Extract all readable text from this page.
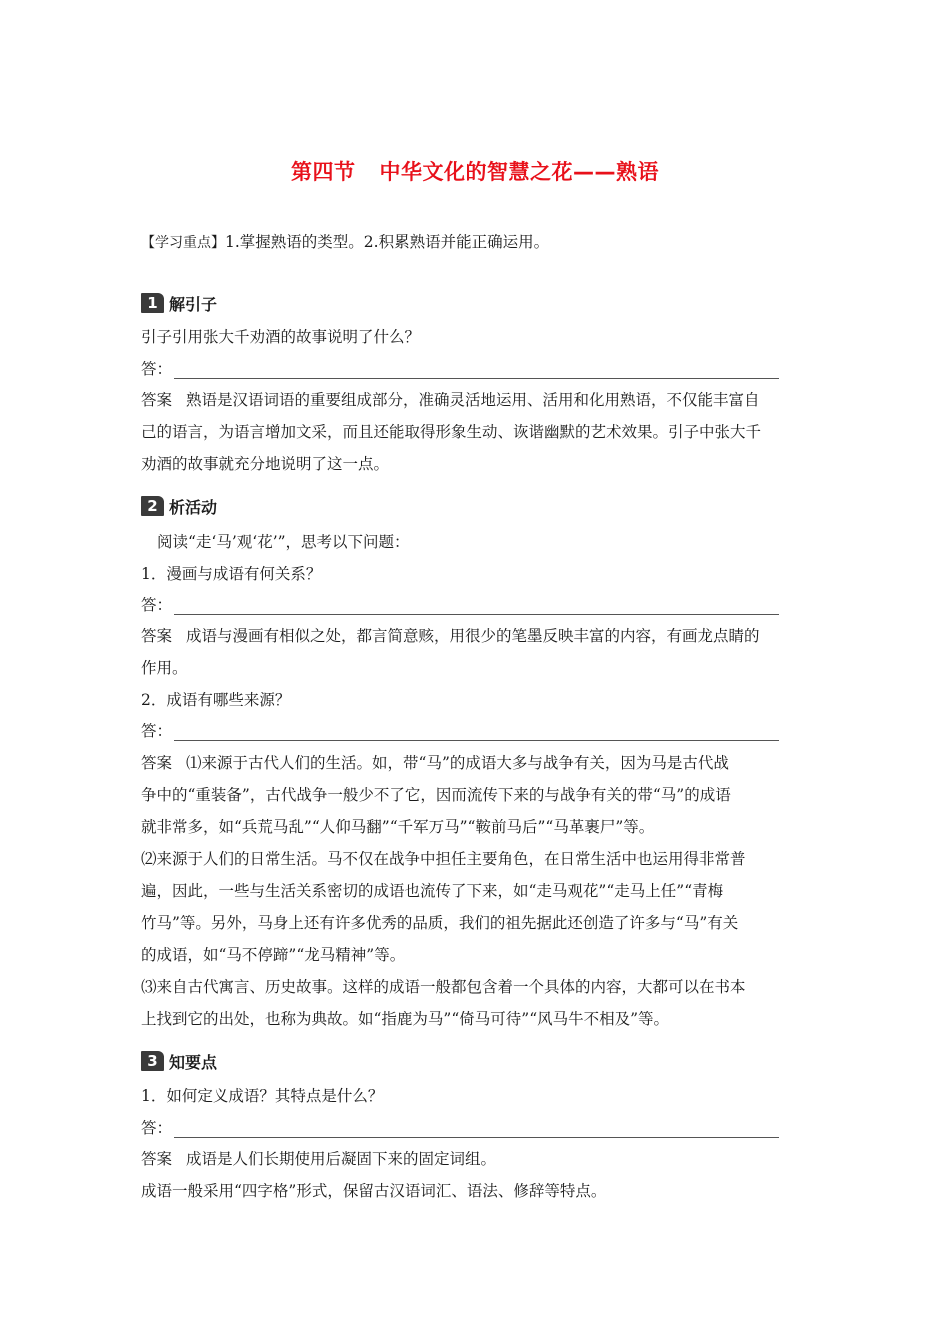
第四节 中华文化的智慧之花——熟语
【学习重点】1.掌握熟语的类型。2.积累熟语并能正确运用。
1 解引子
引子引用张大千劝酒的故事说明了什么？
答：
答案 熟语是汉语词语的重要组成部分，准确灵活地运用、活用和化用熟语，不仅能丰富自
己的语言，为语言增加文采，而且还能取得形象生动、诙谐幽默的艺术效果。引子中张大千
劝酒的故事就充分地说明了这一点。
2 析活动
阅读“走‘马’观‘花’”，思考以下问题：
1．漫画与成语有何关系？
答：
答案 成语与漫画有相似之处，都言简意赅，用很少的笔墨反映丰富的内容，有画龙点睛的
作用。
2．成语有哪些来源？
答：
答案 ⑴来源于古代人们的生活。如，带“马”的成语大多与战争有关，因为马是古代战
争中的“重装备”，古代战争一般少不了它，因而流传下来的与战争有关的带“马”的成语
就非常多，如“兵荒马乱”“人仰马翻”“千军万马”“鞍前马后”“马革裹尸”等。
⑵来源于人们的日常生活。马不仅在战争中担任主要角色，在日常生活中也运用得非常普
遍，因此，一些与生活关系密切的成语也流传了下来，如“走马观花”“走马上任”“青梅
竹马”等。另外，马身上还有许多优秀的品质，我们的祖先据此还创造了许多与“马”有关
的成语，如“马不停蹄”“龙马精神”等。
⑶来自古代寓言、历史故事。这样的成语一般都包含着一个具体的内容，大都可以在书本
上找到它的出处，也称为典故。如“指鹿为马”“倚马可待”“风马牛不相及”等。
3 知要点
1．如何定义成语？其特点是什么？
答：
答案 成语是人们长期使用后凝固下来的固定词组。
成语一般采用“四字格”形式，保留古汉语词汇、语法、修辞等特点。
